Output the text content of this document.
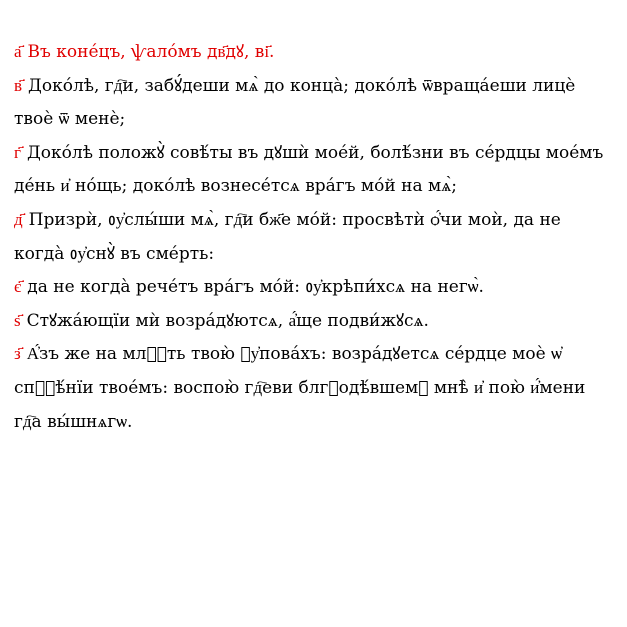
а҃ Въ конéцъ, ѱалóмъ дв҃дꙋ, ві҃.

в҃ Докóлѣ, гд҇и, забꙋ́деши мѧ̀ до концà; докóлѣ ѿвращáеши лицè твоè ѿ менè;

г҃ Докóлѣ положꙋ̀ совѣ́ты въ дꙋшѝ моéй, болѣ́зни въ сéрдцы моéмъ дéнь и҆ нóщь; докóлѣ вознесéтсѧ врáгъ мóй на мѧ̀;

д҃ Призрѝ, ᲂу҆слы́ши мѧ̀, гд҇и бж҃е мóй: просвѣтѝ ѻ҆́чи моѝ, да не когдà ᲂу҆снꙋ̀ въ смéрть:

є҃ да не когдà речéтъ врáгъ мóй: ᲂу҆крѣпи́хсѧ на негѡ̀.

ѕ҃ Стꙋжáющїи мѝ возрáдꙋютсѧ, а҆́ще подви́жꙋсѧ.

з҃ А҆́зъ же на млⷭ҇ть твою̀ ᲂу҆повáхъ: возрáдꙋетсѧ сéрдце моè ѡ҆ спⷭ҇ѣ́нїи твоéмъ: воспою̀ гд҇еви блгⷣодѣ́вшемꙋ мнѣ̀ и҆ пою̀ и҆́мени гд҇а вы́шнѧгѡ.
